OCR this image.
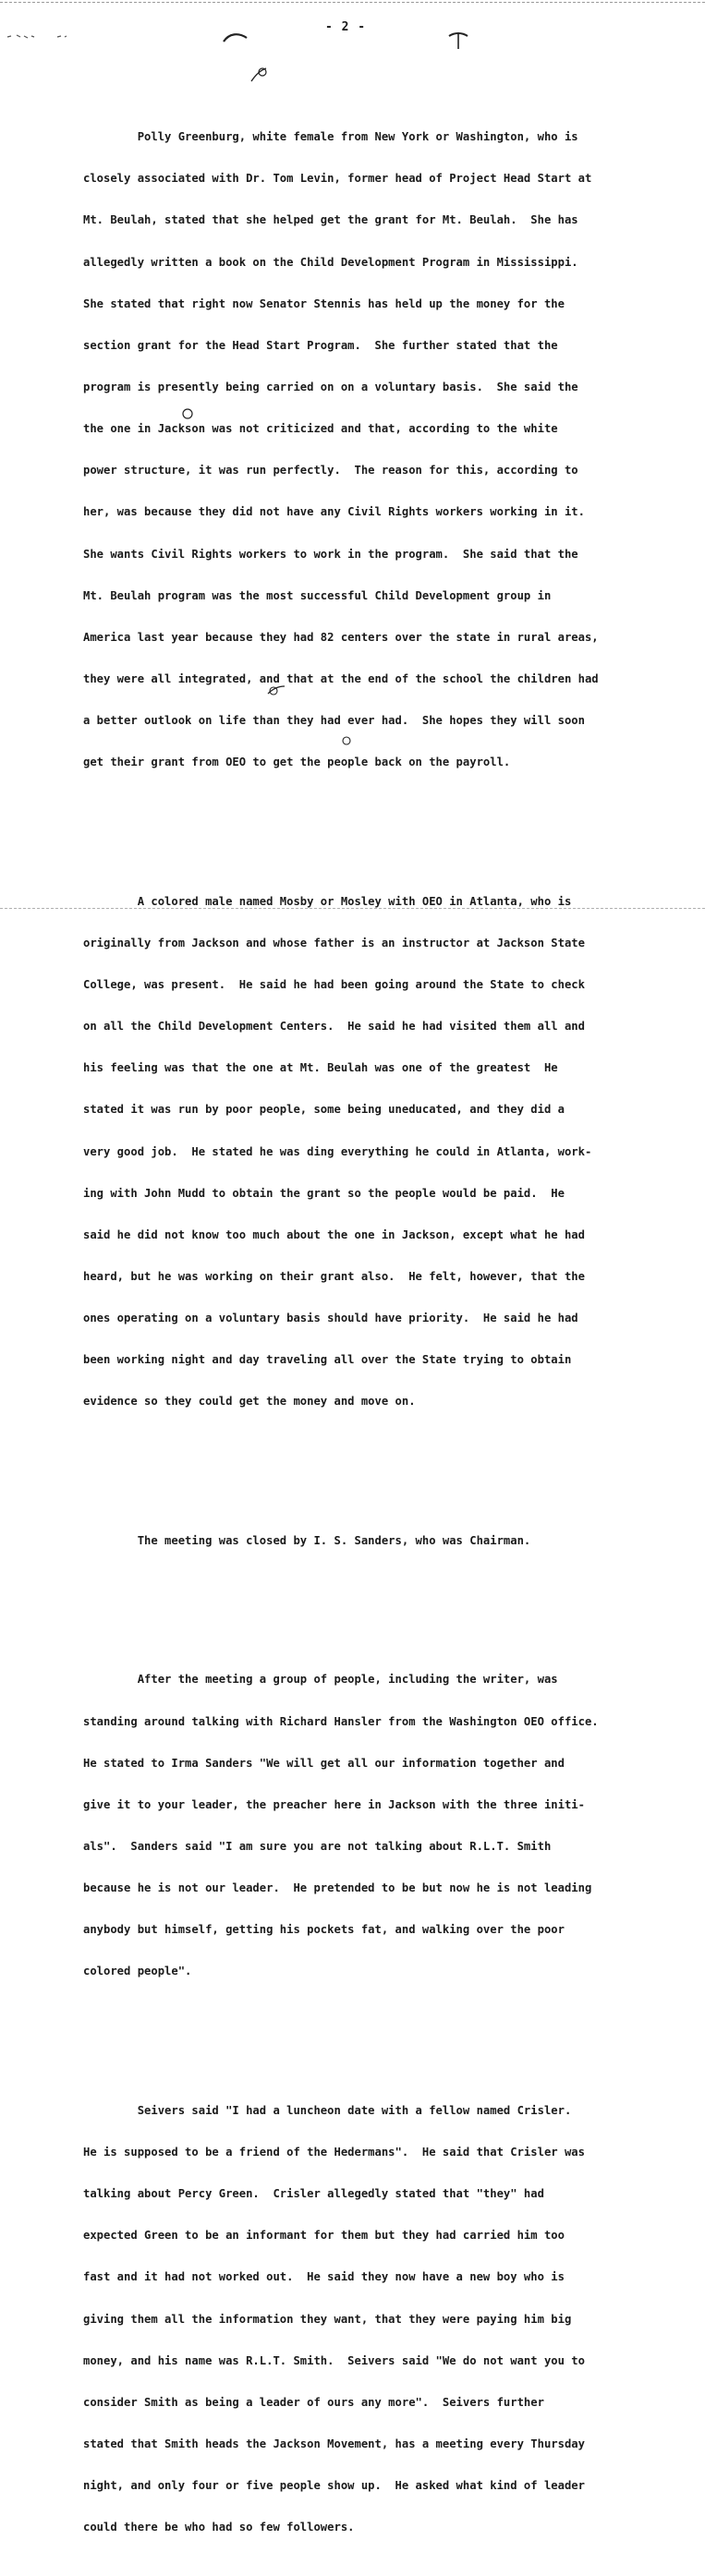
- 2 -

Polly Greenburg, white female from New York or Washington, who is

closely associated with Dr. Tom Levin, former head of Project Head Start at

Mt. Beulah, stated that she helped get the grant for Mt. Beulah.  She has

allegedly written a book on the Child Development Program in Mississippi.

She stated that right now Senator Stennis has held up the money for the

section grant for the Head Start Program.  She further stated that the

program is presently being carried on on a voluntary basis.  She said the

the one in Jackson was not criticized and that, according to the white

power structure, it was run perfectly.  The reason for this, according to

her, was because they did not have any Civil Rights workers working in it.

She wants Civil Rights workers to work in the program.  She said that the

Mt. Beulah program was the most successful Child Development group in

America last year because they had 82 centers over the state in rural areas,

they were all integrated, and that at the end of the school the children had

a better outlook on life than they had ever had.  She hopes they will soon

get their grant from OEO to get the people back on the payroll.

A colored male named Mosby or Mosley with OEO in Atlanta, who is

originally from Jackson and whose father is an instructor at Jackson State

College, was present.  He said he had been going around the State to check

on all the Child Development Centers.  He said he had visited them all and

his feeling was that the one at Mt. Beulah was one of the greatest  He

stated it was run by poor people, some being uneducated, and they did a

very good job.  He stated he was ding everything he could in Atlanta, work-

ing with John Mudd to obtain the grant so the people would be paid.  He

said he did not know too much about the one in Jackson, except what he had

heard, but he was working on their grant also.  He felt, however, that the

ones operating on a voluntary basis should have priority.  He said he had

been working night and day traveling all over the State trying to obtain

evidence so they could get the money and move on.

The meeting was closed by I. S. Sanders, who was Chairman.

After the meeting a group of people, including the writer, was

standing around talking with Richard Hansler from the Washington OEO office.

He stated to Irma Sanders "We will get all our information together and

give it to your leader, the preacher here in Jackson with the three initi-

als".  Sanders said "I am sure you are not talking about R.L.T. Smith

because he is not our leader.  He pretended to be but now he is not leading

anybody but himself, getting his pockets fat, and walking over the poor

colored people".

Seivers said "I had a luncheon date with a fellow named Crisler.

He is supposed to be a friend of the Hedermans".  He said that Crisler was

talking about Percy Green.  Crisler allegedly stated that "they" had

expected Green to be an informant for them but they had carried him too

fast and it had not worked out.  He said they now have a new boy who is

giving them all the information they want, that they were paying him big

money, and his name was R.L.T. Smith.  Seivers said "We do not want you to

consider Smith as being a leader of ours any more".  Seivers further

stated that Smith heads the Jackson Movement, has a meeting every Thursday

night, and only four or five people show up.  He asked what kind of leader

could there be who had so few followers.
